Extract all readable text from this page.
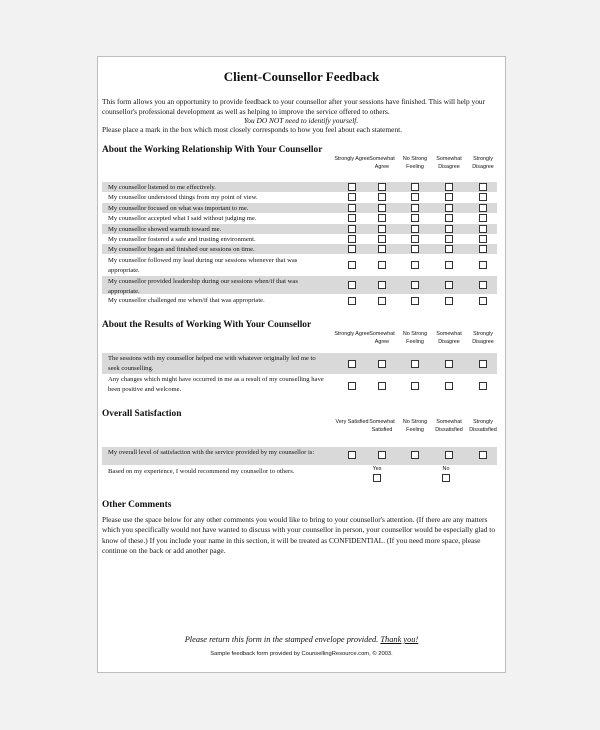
Client-Counsellor Feedback
This form allows you an opportunity to provide feedback to your counsellor after your sessions have finished. This will help your counsellor's professional development as well as helping to improve the service offered to others.
You DO NOT need to identify yourself.
Please place a mark in the box which most closely corresponds to how you feel about each statement.
About the Working Relationship With Your Counsellor
Strongly Agree Somewhat Agree
No Strong Feeling
Somewhat Disagree
Strongly Disagree
My counsellor listened to me effectively.
My counsellor understood things from my point of view.
My counsellor focused on what was important to me.
My counsellor accepted what I said without judging me.
My counsellor showed warmth toward me.
My counsellor fostered a safe and trusting environment.
My counsellor began and finished our sessions on time.
My counsellor followed my lead during our sessions whenever that was appropriate.
My counsellor provided leadership during our sessions when/if that was appropriate.
My counsellor challenged me when/if that was appropriate.
About the Results of Working With Your Counsellor
Strongly Agree Somewhat Agree
No Strong Feeling
Somewhat Disagree
Strongly Disagree
The sessions with my counsellor helped me with whatever originally led me to seek counselling.
Any changes which might have occurred in me as a result of my counselling have been positive and welcome.
Overall Satisfaction
Very Satisfied Somewhat Satisfied
No Strong Feeling
Somewhat Dissatisfied
Strongly Dissatisfied
My overall level of satisfaction with the service provided by my counsellor is:
Based on my experience, I would recommend my counsellor to others.	Yes	No
Other Comments
Please use the space below for any other comments you would like to bring to your counsellor's attention. (If there are any matters which you specifically would not have wanted to discuss with your counsellor in person, your counsellor would be especially glad to know of these.) If you include your name in this section, it will be treated as CONFIDENTIAL. (If you need more space, please continue on the back or add another page.
Please return this form in the stamped envelope provided. Thank you!
Sample feedback form provided by CounsellingResource.com, © 2003.
